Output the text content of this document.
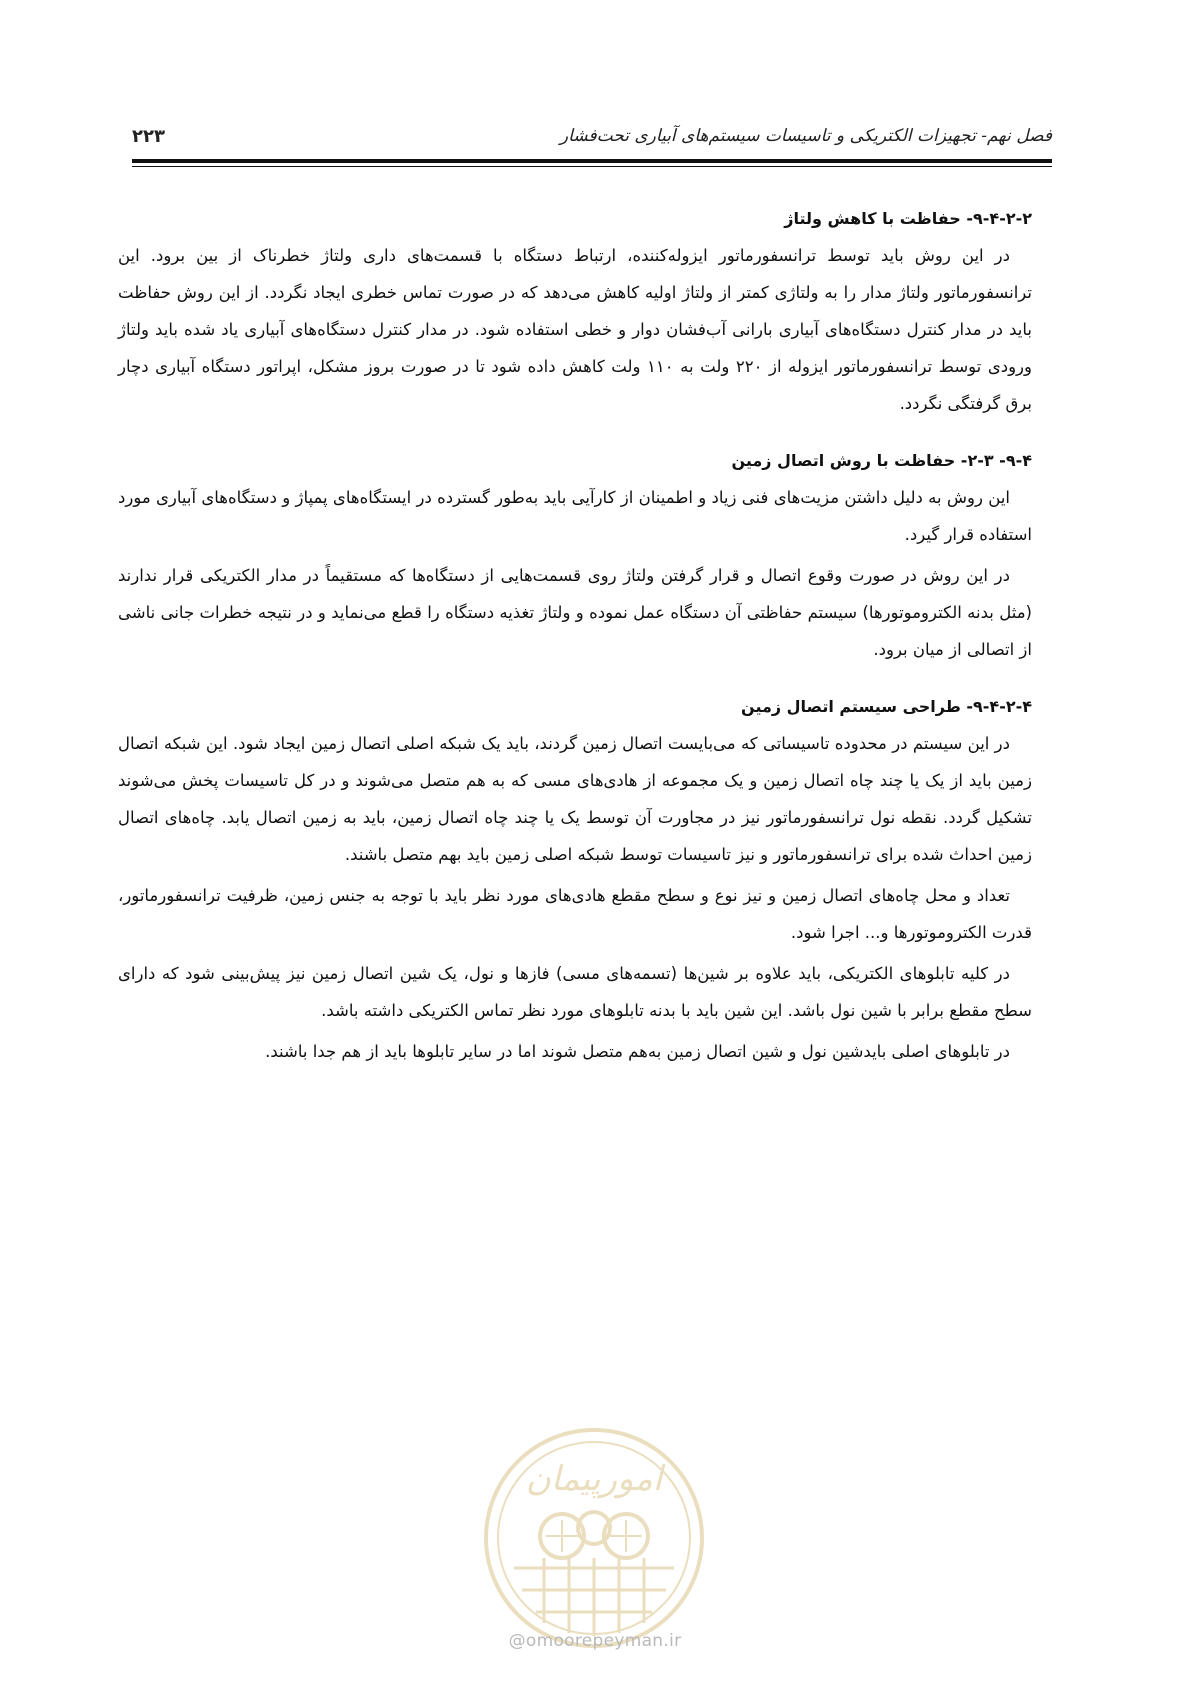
فصل نهم- تجهیزات الکتریکی و تاسیسات سیستم‌های آبیاری تحت‌فشار
۲۲۳
۹-۴-۲-۲- حفاظت با کاهش ولتاژ

در این روش باید توسط ترانسفورماتور ایزوله‌کننده، ارتباط دستگاه با قسمت‌های داری ولتاژ خطرناک از بین برود. این ترانسفورماتور ولتاژ مدار را به ولتاژی کمتر از ولتاژ اولیه کاهش می‌دهد که در صورت تماس خطری ایجاد نگردد. از این روش حفاظت باید در مدار کنترل دستگاه‌های آبیاری بارانی آب‌فشان دوار و خطی استفاده شود. در مدار کنترل دستگاه‌های آبیاری یاد شده باید ولتاژ ورودی توسط ترانسفورماتور ایزوله از ۲۲۰ ولت به ۱۱۰ ولت کاهش داده شود تا در صورت بروز مشکل، اپراتور دستگاه آبیاری دچار برق گرفتگی نگردد.

۹-۴- ۲-۳- حفاظت با روش اتصال زمین

این روش به دلیل داشتن مزیت‌های فنی زیاد و اطمینان از کارآیی باید به‌طور گسترده در ایستگاه‌های پمپاژ و دستگاه‌های آبیاری مورد استفاده قرار گیرد.

در این روش در صورت وقوع اتصال و قرار گرفتن ولتاژ روی قسمت‌هایی از دستگاه‌ها که مستقیماً در مدار الکتریکی قرار ندارند (مثل بدنه الکتروموتورها) سیستم حفاظتی آن دستگاه عمل نموده و ولتاژ تغذیه دستگاه را قطع می‌نماید و در نتیجه خطرات جانی ناشی از اتصالی از میان برود.

۹-۴-۲-۴- طراحی سیستم اتصال زمین

در این سیستم در محدوده تاسیساتی که می‌بایست اتصال زمین گردند، باید یک شبکه اصلی اتصال زمین ایجاد شود. این شبکه اتصال زمین باید از یک یا چند چاه اتصال زمین و یک مجموعه از هادی‌های مسی که به هم متصل می‌شوند و در کل تاسیسات پخش می‌شوند تشکیل گردد. نقطه نول ترانسفورماتور نیز در مجاورت آن توسط یک یا چند چاه اتصال زمین، باید به زمین اتصال یابد. چاه‌های اتصال زمین احداث شده برای ترانسفورماتور و نیز تاسیسات توسط شبکه اصلی زمین باید بهم متصل باشند.

تعداد و محل چاه‌های اتصال زمین و نیز نوع و سطح مقطع هادی‌های مورد نظر باید با توجه به جنس زمین، ظرفیت ترانسفورماتور، قدرت الکتروموتورها و... اجرا شود.

در کلیه تابلوهای الکتریکی، باید علاوه بر شین‌ها (تسمه‌های مسی) فازها و نول، یک شین اتصال زمین نیز پیش‌بینی شود که دارای سطح مقطع برابر با شین نول باشد. این شین باید با بدنه تابلوهای مورد نظر تماس الکتریکی داشته باشد.

در تابلوهای اصلی بایدشین نول و شین اتصال زمین به‌هم متصل شوند اما در سایر تابلوها باید از هم جدا باشند.

امورپیمان
@omoorepeyman.ir
